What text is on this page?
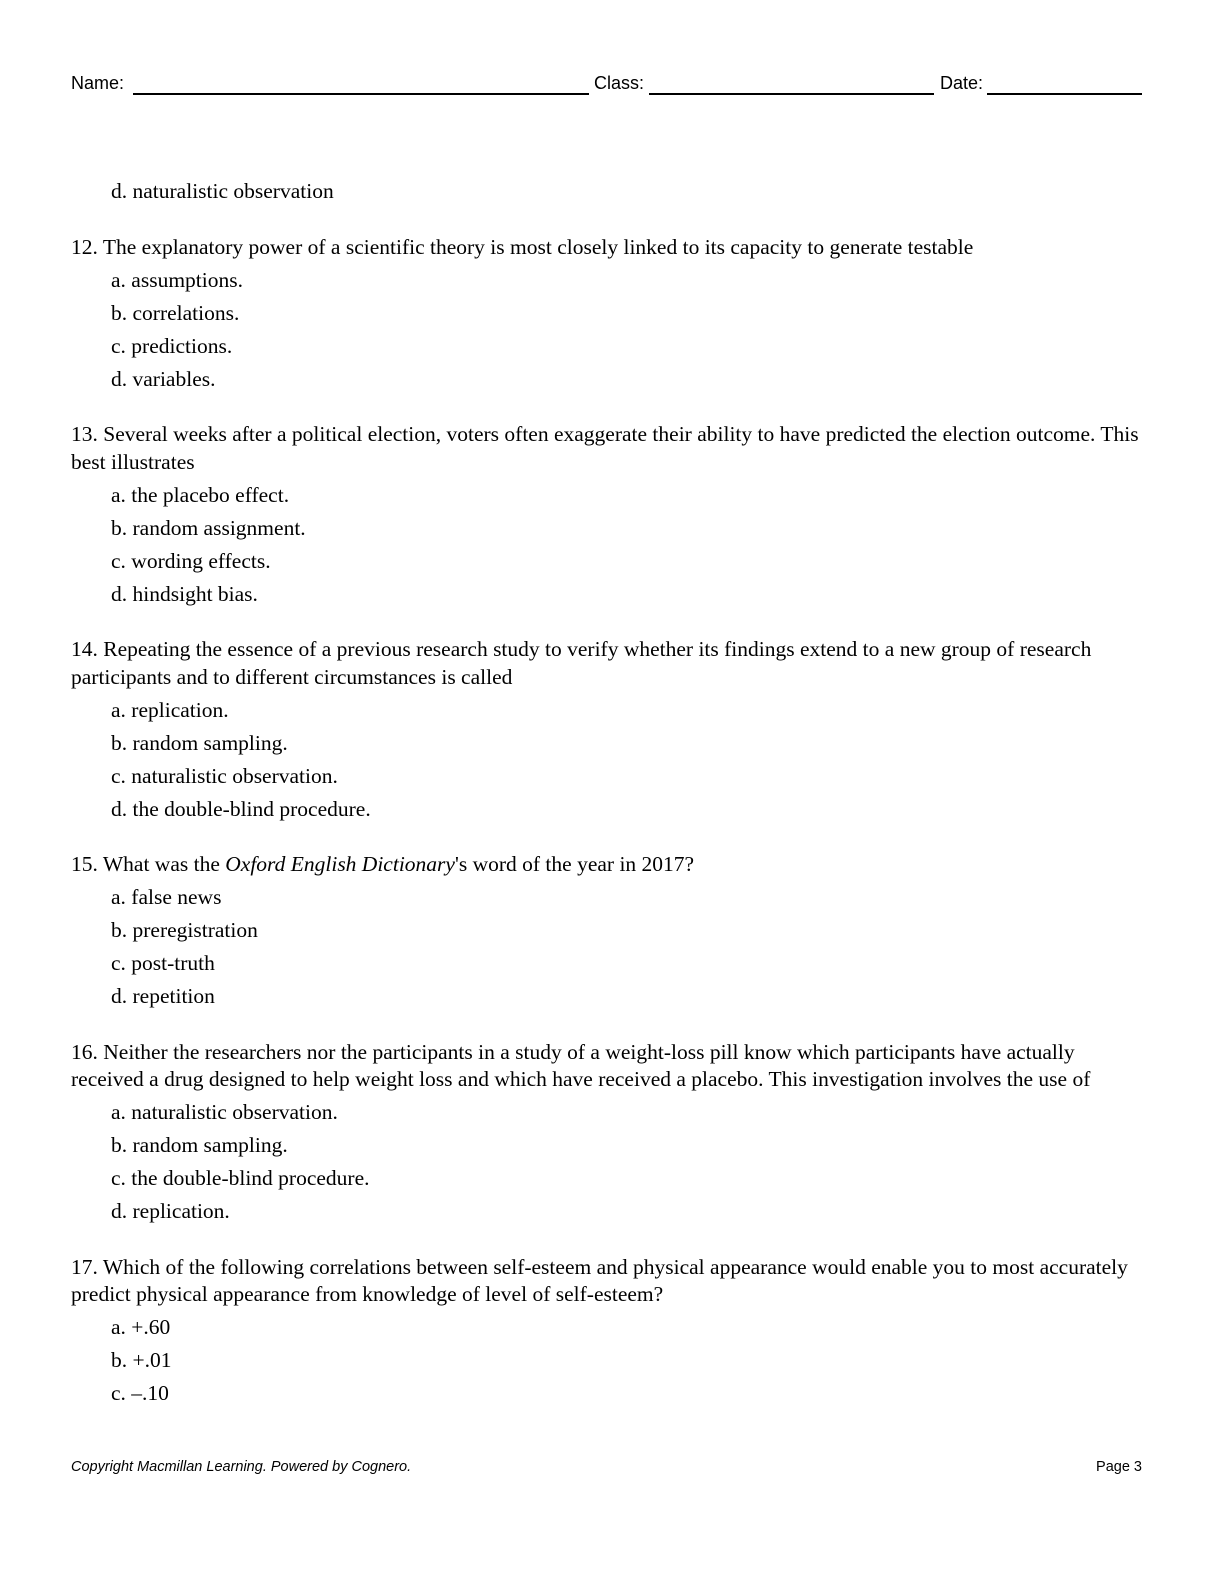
Name:	Class:	Date:
d. naturalistic observation

12. The explanatory power of a scientific theory is most closely linked to its capacity to generate testable

a. assumptions.
b. correlations.
c. predictions.
d. variables.

13. Several weeks after a political election, voters often exaggerate their ability to have predicted the election outcome. This best illustrates

a. the placebo effect.
b. random assignment.
c. wording effects.
d. hindsight bias.

14. Repeating the essence of a previous research study to verify whether its findings extend to a new group of research participants and to different circumstances is called

a. replication.
b. random sampling.
c. naturalistic observation.
d. the double-blind procedure.

15. What was the Oxford English Dictionary's word of the year in 2017?

a. false news
b. preregistration
c. post-truth
d. repetition

16. Neither the researchers nor the participants in a study of a weight-loss pill know which participants have actually received a drug designed to help weight loss and which have received a placebo. This investigation involves the use of

a. naturalistic observation.
b. random sampling.
c. the double-blind procedure.
d. replication.

17. Which of the following correlations between self-esteem and physical appearance would enable you to most accurately predict physical appearance from knowledge of level of self-esteem?

a. +.60
b. +.01
c. –.10
Copyright Macmillan Learning. Powered by Cognero.	Page 3
